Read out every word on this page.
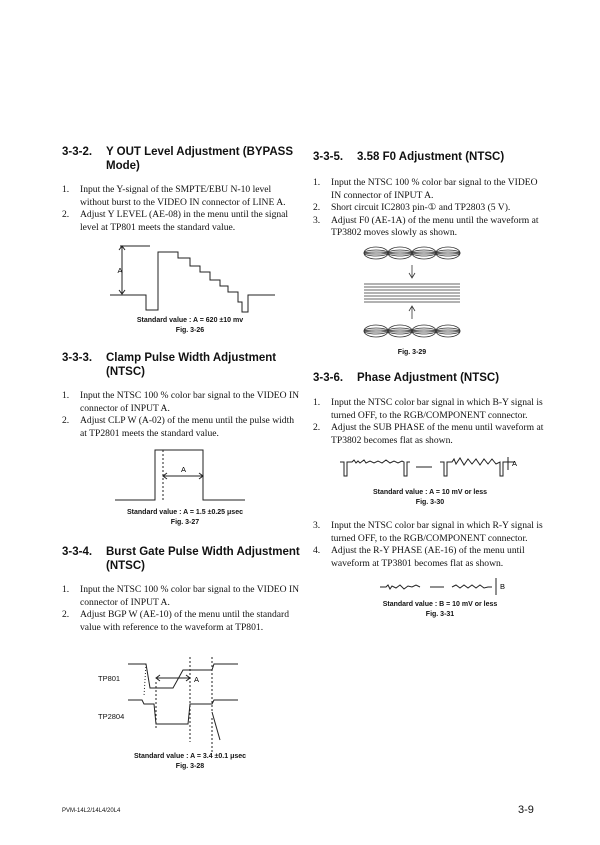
3-3-2. Y OUT Level Adjustment (BYPASS
Mode)
1. Input the Y-signal of the SMPTE/EBU N-10 level without burst to the VIDEO IN connector of LINE A.
2. Adjust Y LEVEL (AE-08) in the menu until the signal level at TP801 meets the standard value.
A
Standard value : A = 620 ±10 mv
Fig. 3-26
3-3-3. Clamp Pulse Width Adjustment
(NTSC)
1. Input the NTSC 100 % color bar signal to the VIDEO IN connector of INPUT A.
2. Adjust CLP W (A-02) of the menu until the pulse width at TP2801 meets the standard value.
A
Standard value : A = 1.5 ±0.25 μsec
Fig. 3-27
3-3-4. Burst Gate Pulse Width Adjustment
(NTSC)
1. Input the NTSC 100 % color bar signal to the VIDEO IN connector of INPUT A.
2. Adjust BGP W (AE-10) of the menu until the standard value with reference to the waveform at TP801.
TP801
TP2804
A
Standard value : A = 3.4 ±0.1 μsec
Fig. 3-28
3-3-5. 3.58 F0 Adjustment (NTSC)
1. Input the NTSC 100 % color bar signal to the VIDEO IN connector of INPUT A.
2. Short circuit IC2803 pin-① and TP2803 (5 V).
3. Adjust F0 (AE-1A) of the menu until the waveform at TP3802 moves slowly as shown.
Fig. 3-29
3-3-6. Phase Adjustment (NTSC)
1. Input the NTSC color bar signal in which B-Y signal is turned OFF, to the RGB/COMPONENT connector.
2. Adjust the SUB PHASE of the menu until waveform at TP3802 becomes flat as shown.
A
Standard value : A = 10 mV or less
Fig. 3-30
3. Input the NTSC color bar signal in which R-Y signal is turned OFF, to the RGB/COMPONENT connector.
4. Adjust the R-Y PHASE (AE-16) of the menu until waveform at TP3801 becomes flat as shown.
B
Standard value : B = 10 mV or less
Fig. 3-31
PVM-14L2/14L4/20L4	3-9
